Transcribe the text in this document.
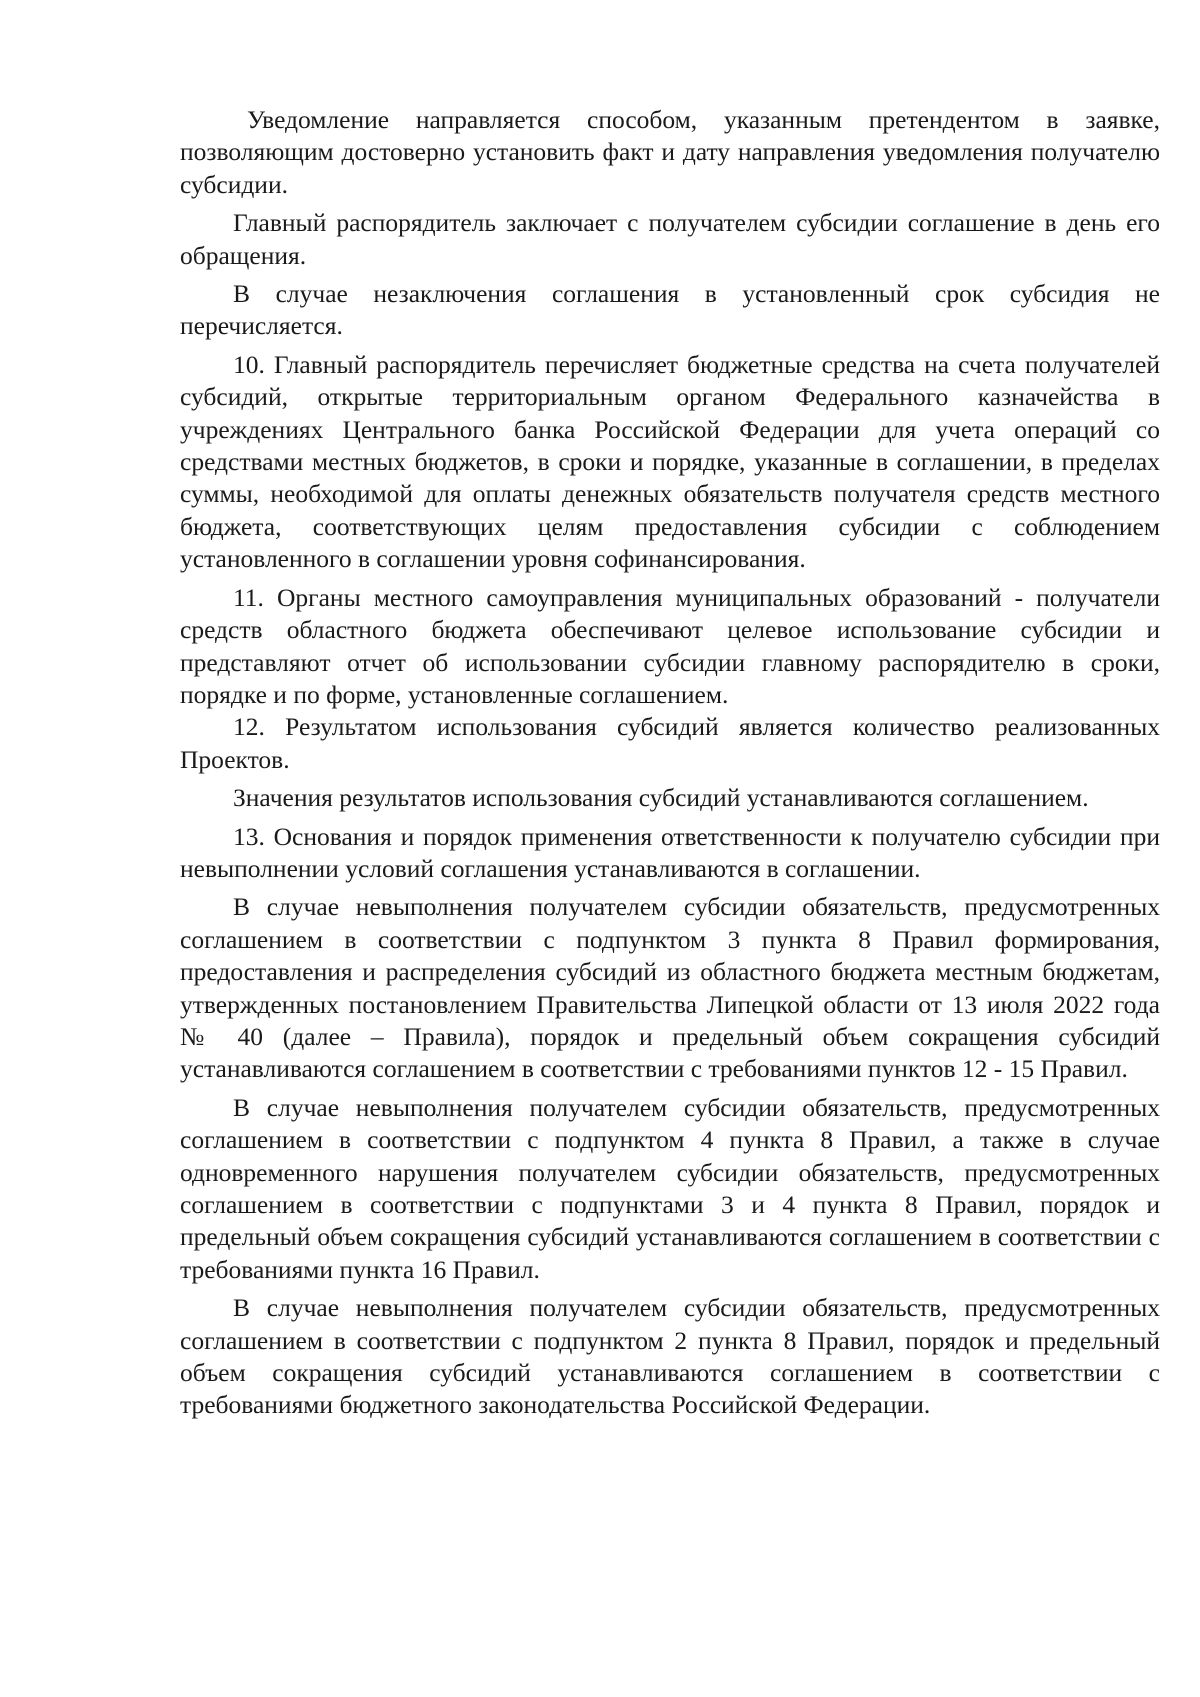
Уведомление направляется способом, указанным претендентом в заявке, позволяющим достоверно установить факт и дату направления уведомления получателю субсидии.

Главный распорядитель заключает с получателем субсидии соглашение в день его обращения.

В случае незаключения соглашения в установленный срок субсидия не перечисляется.

10. Главный распорядитель перечисляет бюджетные средства на счета получателей субсидий, открытые территориальным органом Федерального казначейства в учреждениях Центрального банка Российской Федерации для учета операций со средствами местных бюджетов, в сроки и порядке, указанные в соглашении, в пределах суммы, необходимой для оплаты денежных обязательств получателя средств местного бюджета, соответствующих целям предоставления субсидии с соблюдением установленного в соглашении уровня софинансирования.

11. Органы местного самоуправления муниципальных образований - получатели средств областного бюджета обеспечивают целевое использование субсидии и представляют отчет об использовании субсидии главному распорядителю в сроки, порядке и по форме, установленные соглашением.

12. Результатом использования субсидий является количество реализованных Проектов.

Значения результатов использования субсидий устанавливаются соглашением.

13. Основания и порядок применения ответственности к получателю субсидии при невыполнении условий соглашения устанавливаются в соглашении.

В случае невыполнения получателем субсидии обязательств, предусмотренных соглашением в соответствии с подпунктом 3 пункта 8 Правил формирования, предоставления и распределения субсидий из областного бюджета местным бюджетам, утвержденных постановлением Правительства Липецкой области от 13 июля 2022 года № 40 (далее – Правила), порядок и предельный объем сокращения субсидий устанавливаются соглашением в соответствии с требованиями пунктов 12 - 15 Правил.

В случае невыполнения получателем субсидии обязательств, предусмотренных соглашением в соответствии с подпунктом 4 пункта 8 Правил, а также в случае одновременного нарушения получателем субсидии обязательств, предусмотренных соглашением в соответствии с подпунктами 3 и 4 пункта 8 Правил, порядок и предельный объем сокращения субсидий устанавливаются соглашением в соответствии с требованиями пункта 16 Правил.

В случае невыполнения получателем субсидии обязательств, предусмотренных соглашением в соответствии с подпунктом 2 пункта 8 Правил, порядок и предельный объем сокращения субсидий устанавливаются соглашением в соответствии с требованиями бюджетного законодательства Российской Федерации.
